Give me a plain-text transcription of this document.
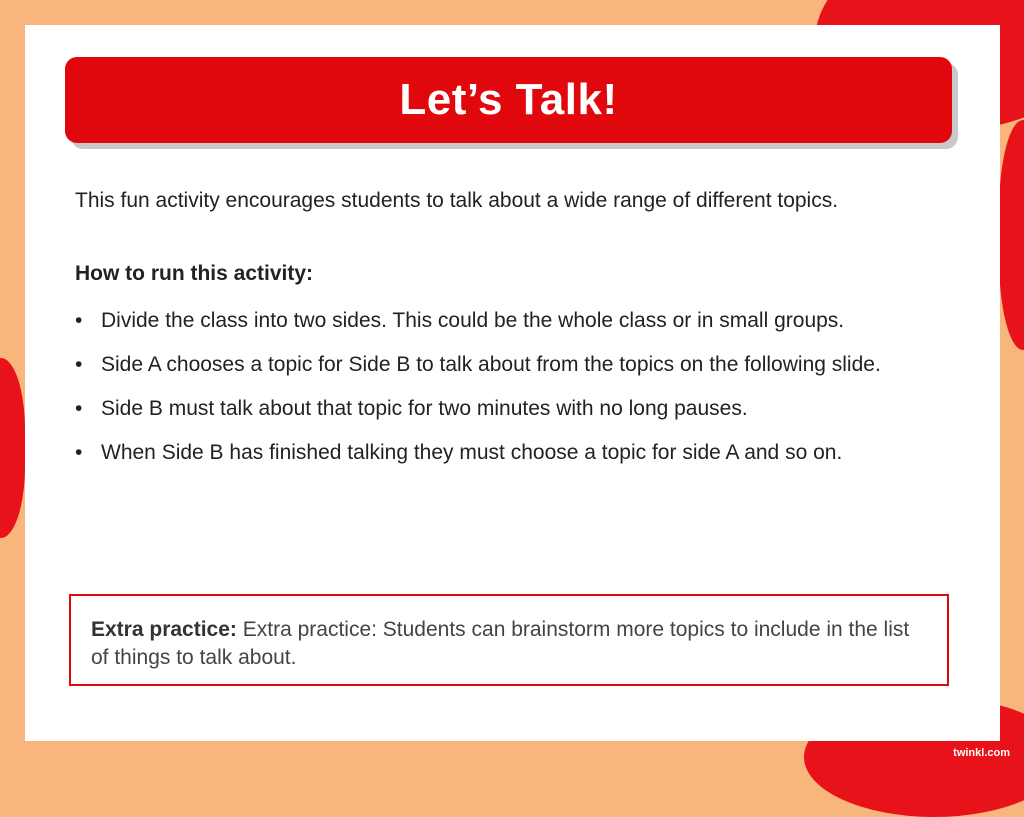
Let’s Talk!

This fun activity encourages students to talk about a wide range of different topics.

How to run this activity:

• Divide the class into two sides. This could be the whole class or in small groups.
• Side A chooses a topic for Side B to talk about from the topics on the following slide.
• Side B must talk about that topic for two minutes with no long pauses.
• When Side B has finished talking they must choose a topic for side A and so on.
Extra practice: Extra practice: Students can brainstorm more topics to include in the list of things to talk about.
twinkl.com
